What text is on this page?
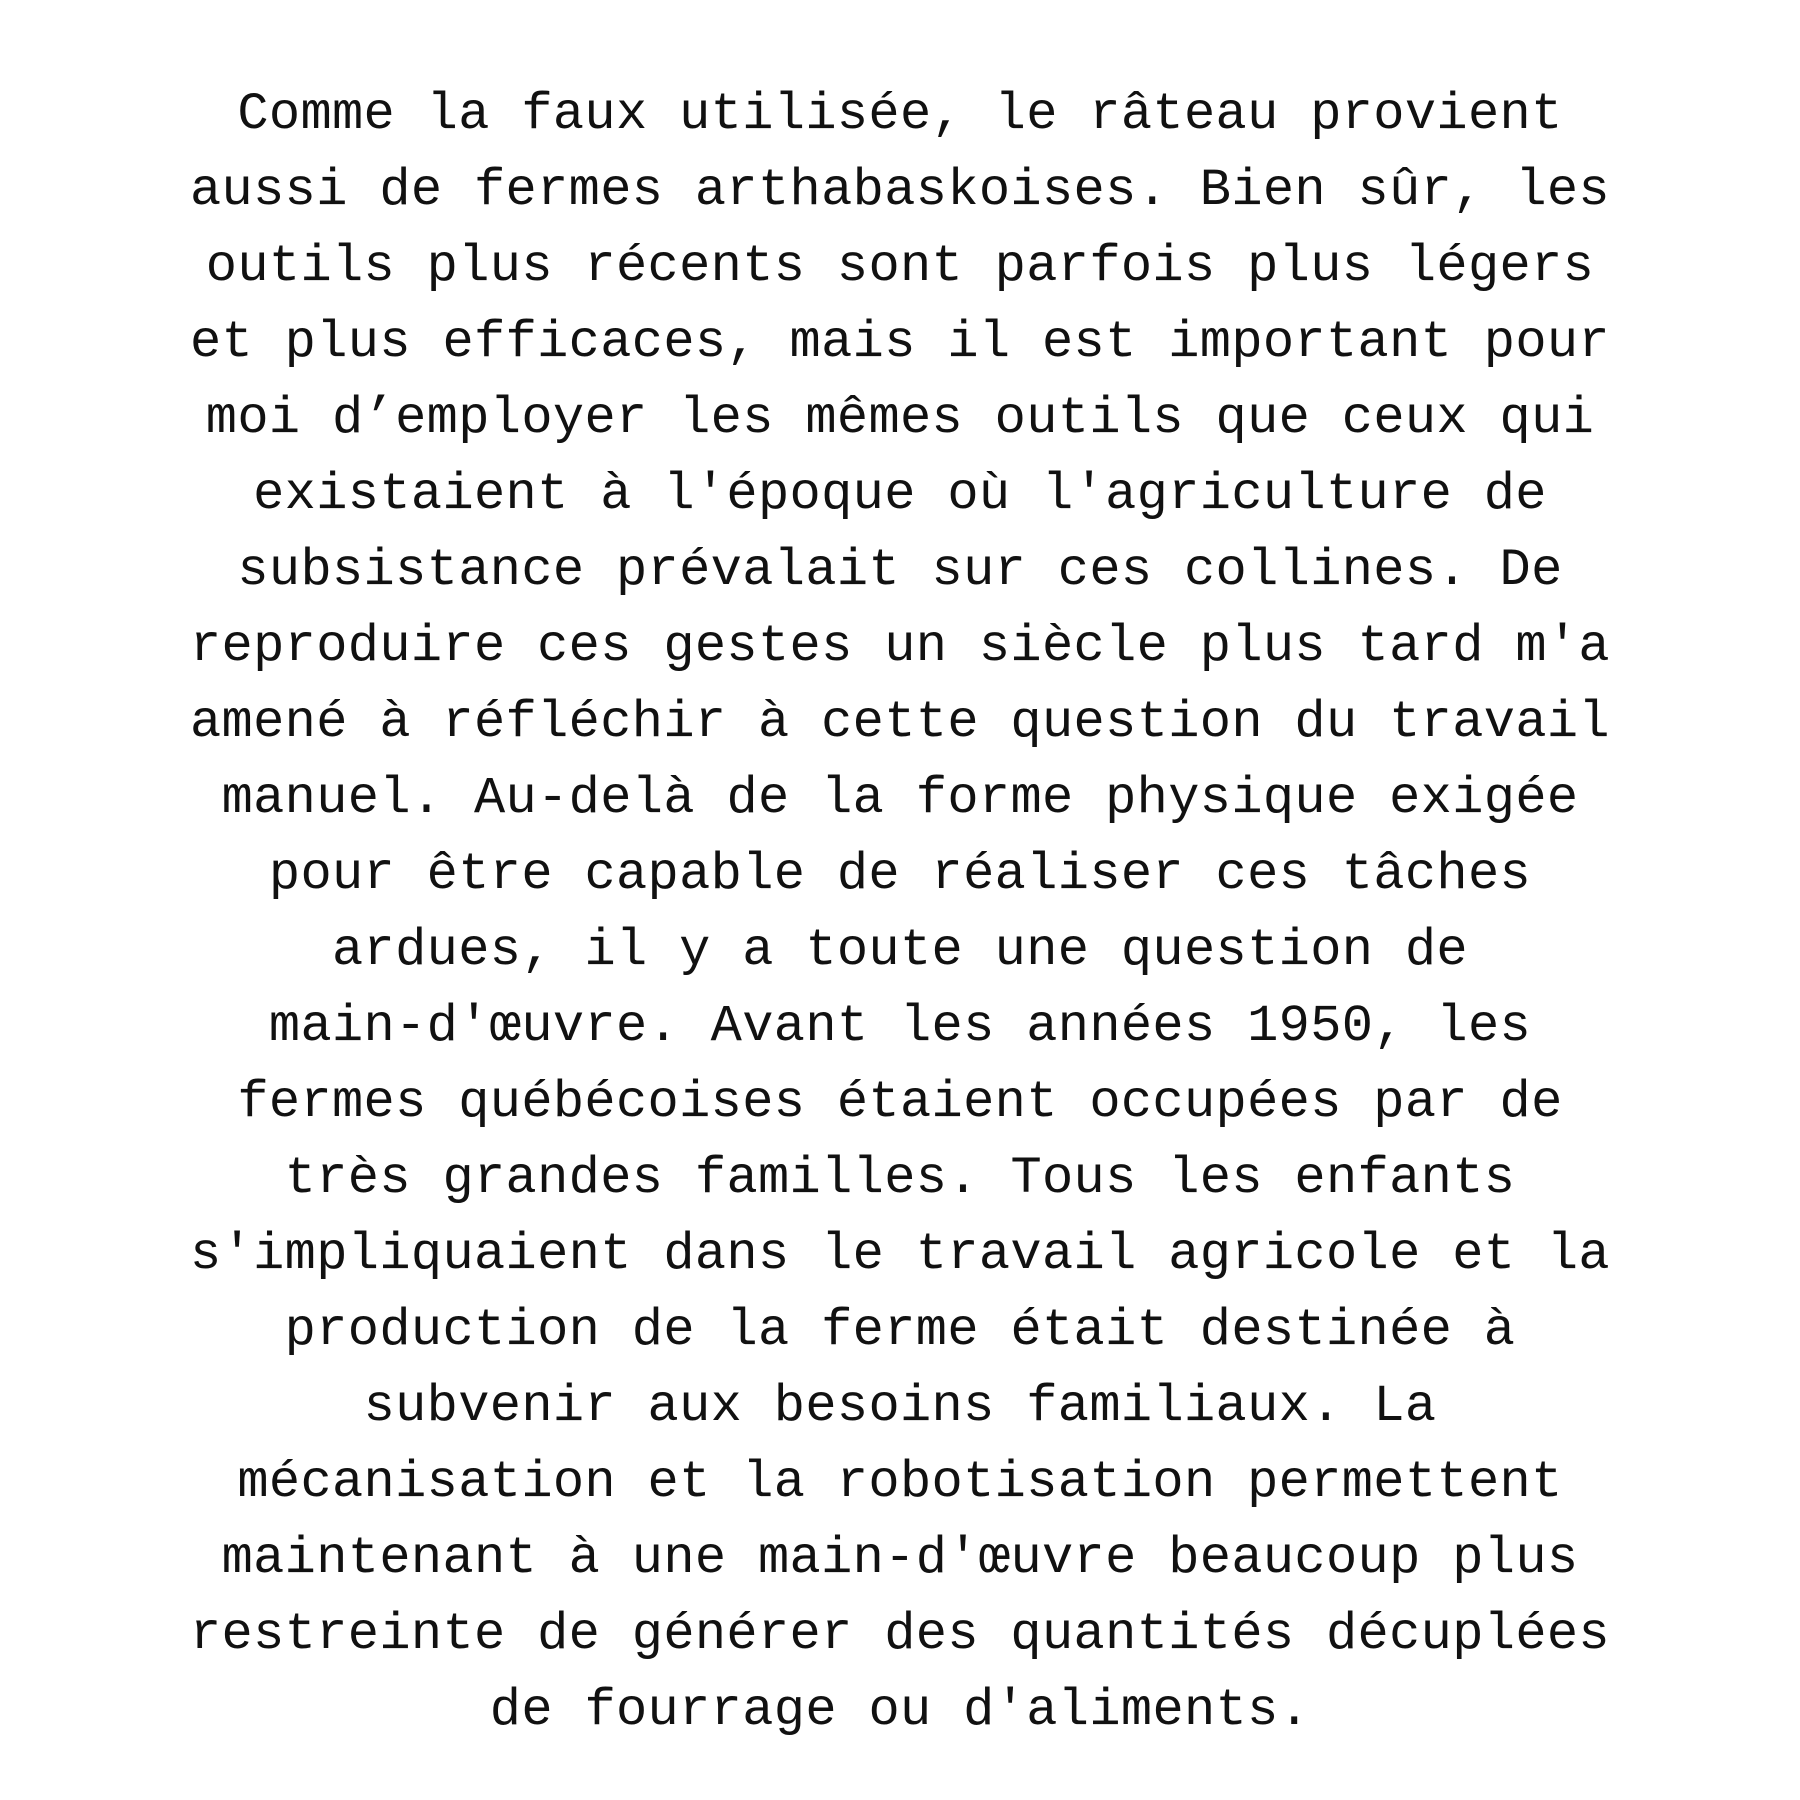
Comme la faux utilisée, le râteau provient
aussi de fermes arthabaskoises. Bien sûr, les
outils plus récents sont parfois plus légers
et plus efficaces, mais il est important pour
moi d’employer les mêmes outils que ceux qui
existaient à l'époque où l'agriculture de
subsistance prévalait sur ces collines. De
reproduire ces gestes un siècle plus tard m'a
amené à réfléchir à cette question du travail
manuel. Au-delà de la forme physique exigée
pour être capable de réaliser ces tâches
ardues, il y a toute une question de
main-d'œuvre. Avant les années 1950, les
fermes québécoises étaient occupées par de
très grandes familles. Tous les enfants
s'impliquaient dans le travail agricole et la
production de la ferme était destinée à
subvenir aux besoins familiaux. La
mécanisation et la robotisation permettent
maintenant à une main-d'œuvre beaucoup plus
restreinte de générer des quantités décuplées
de fourrage ou d'aliments.
